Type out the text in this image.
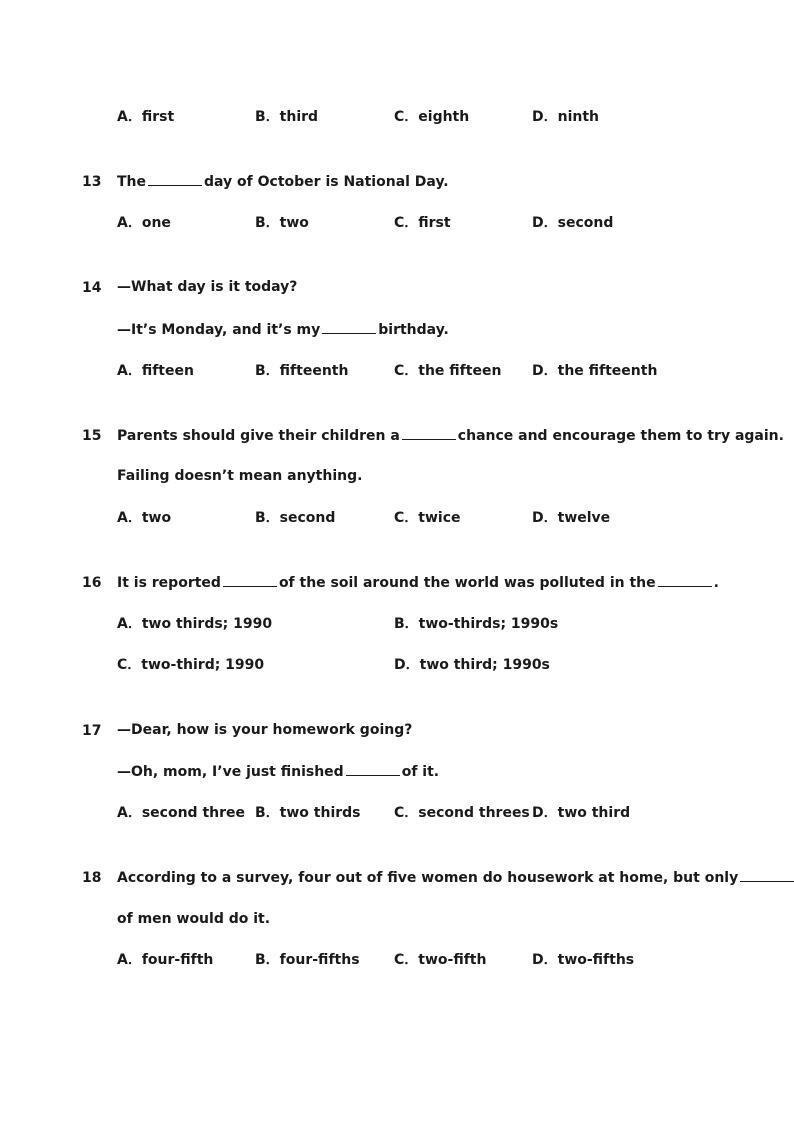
A．first	B．third	C．eighth	D．ninth
13 The	day of October is National Day.
A．one	B．two	C．first	D．second
14 —What day is it today?
—It’s Monday, and it’s my	birthday.
A．fifteen	B．fifteenth	C．the fifteen D．the fifteenth
15 Parents should give their children a	chance and encourage them to try again.
Failing doesn’t mean anything.
A．two	B．second	C．twice	D．twelve
16 It is reported	of the soil around the world was polluted in the	.
A．two thirds; 1990	B．two-thirds; 1990s
C．two-third; 1990	D．two third; 1990s
17 —Dear, how is your homework going?
—Oh, mom, I’ve just finished	of it.
A．second three B．two thirds C．second threes D．two third
18 According to a survey, four out of five women do housework at home, but only
of men would do it.
A．four-fifth	B．four-fifths C．two-fifth	D．two-fifths
